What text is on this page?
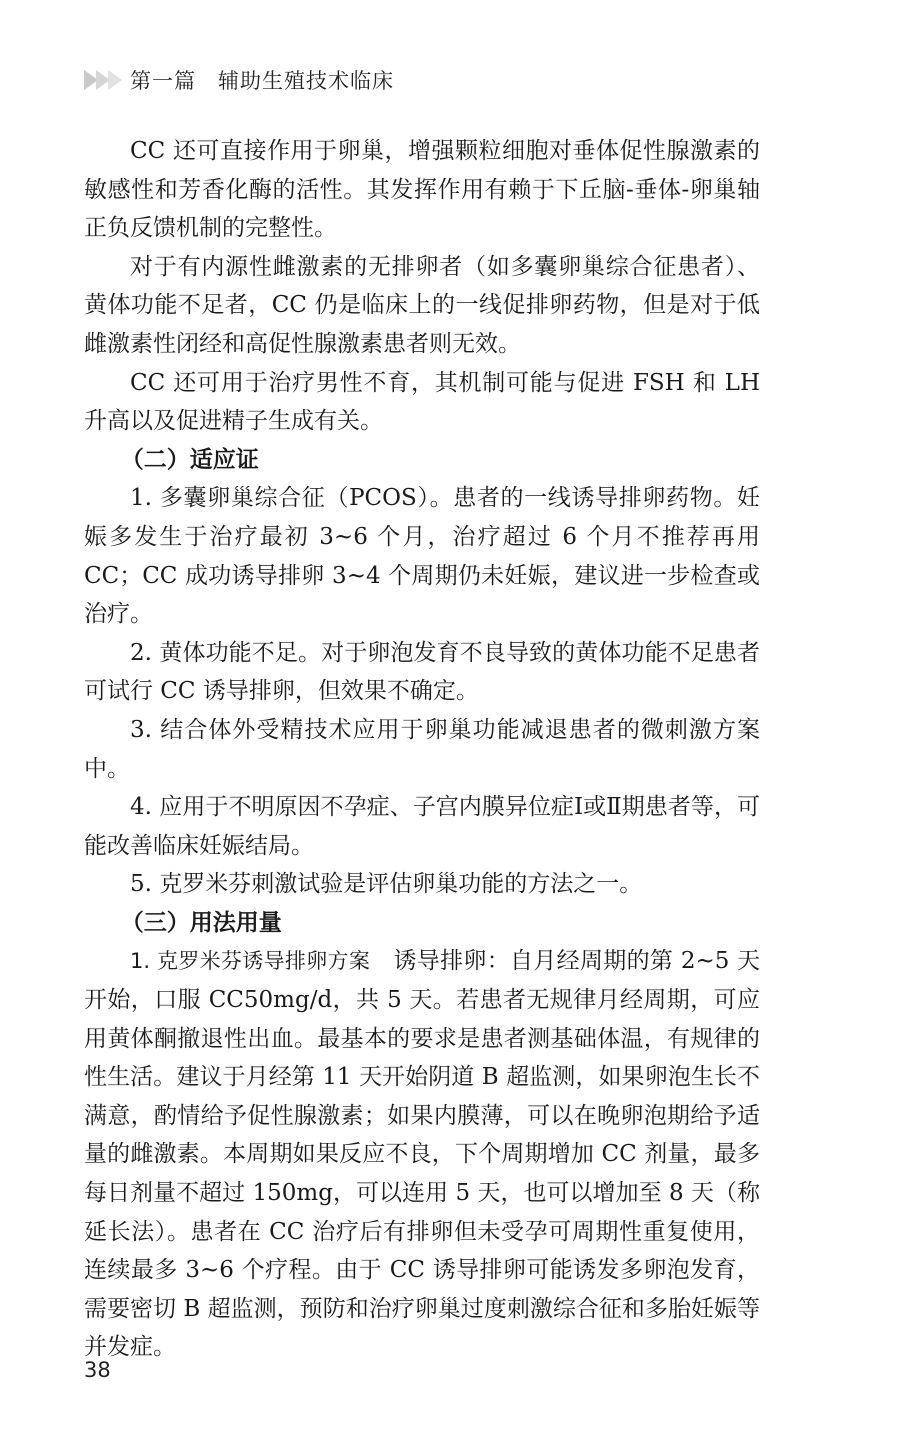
第一篇 辅助生殖技术临床

CC 还可直接作用于卵巢，增强颗粒细胞对垂体促性腺激素的敏感性和芳香化酶的活性。其发挥作用有赖于下丘脑-垂体-卵巢轴正负反馈机制的完整性。

对于有内源性雌激素的无排卵者（如多囊卵巢综合征患者）、黄体功能不足者，CC 仍是临床上的一线促排卵药物，但是对于低雌激素性闭经和高促性腺激素患者则无效。

CC 还可用于治疗男性不育，其机制可能与促进 FSH 和 LH 升高以及促进精子生成有关。

（二）适应证

1. 多囊卵巢综合征（PCOS）。患者的一线诱导排卵药物。妊娠多发生于治疗最初 3~6 个月，治疗超过 6 个月不推荐再用 CC；CC 成功诱导排卵 3~4 个周期仍未妊娠，建议进一步检查或治疗。

2. 黄体功能不足。对于卵泡发育不良导致的黄体功能不足患者可试行 CC 诱导排卵，但效果不确定。

3. 结合体外受精技术应用于卵巢功能减退患者的微刺激方案中。

4. 应用于不明原因不孕症、子宫内膜异位症Ⅰ或Ⅱ期患者等，可能改善临床妊娠结局。

5. 克罗米芬刺激试验是评估卵巢功能的方法之一。

（三）用法用量

1. 克罗米芬诱导排卵方案  诱导排卵：自月经周期的第 2~5 天开始，口服 CC50mg/d，共 5 天。若患者无规律月经周期，可应用黄体酮撤退性出血。最基本的要求是患者测基础体温，有规律的性生活。建议于月经第 11 天开始阴道 B 超监测，如果卵泡生长不满意，酌情给予促性腺激素；如果内膜薄，可以在晚卵泡期给予适量的雌激素。本周期如果反应不良，下个周期增加 CC 剂量，最多每日剂量不超过 150mg，可以连用 5 天，也可以增加至 8 天（称延长法）。患者在 CC 治疗后有排卵但未受孕可周期性重复使用，连续最多 3~6 个疗程。由于 CC 诱导排卵可能诱发多卵泡发育，需要密切 B 超监测，预防和治疗卵巢过度刺激综合征和多胎妊娠等并发症。

38
